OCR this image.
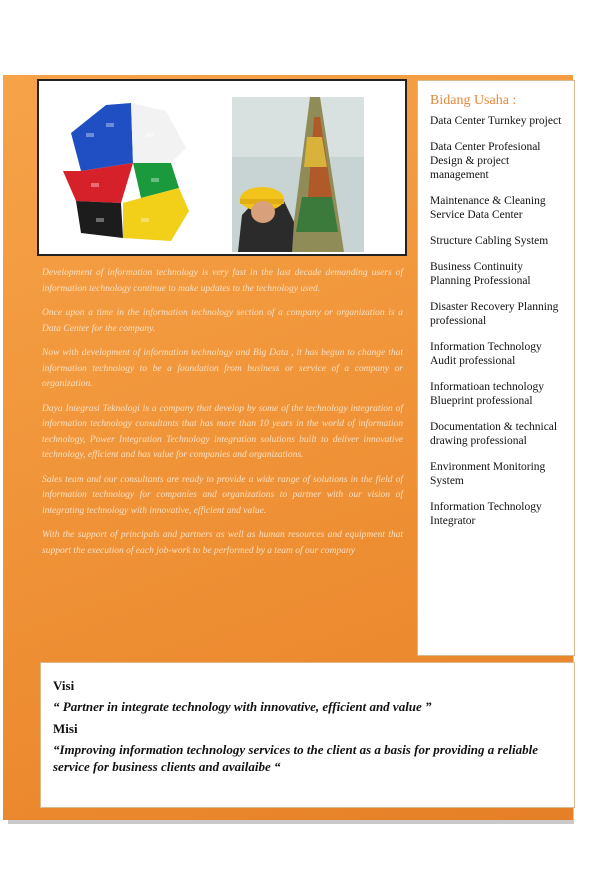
Development of information technology is very fast in the last decade demanding users of information technology continue to make updates to the technology used.

Once upon a time in the information technology section of a company or organization is a Data Center for the company.

Now with development of information technology and Big Data , it has begun to change that information technology to be a foundation from business or service of a company or organization.

Daya Integrasi Teknologi is a company that develop by some of the technology integration of information technology consultants that has more than 10 years in the world of information technology, Power Integration Technology integration solutions built to deliver innovative technology, efficient and has value for companies and organizations.

Sales team and our consultants are ready to provide a wide range of solutions in the field of information technology for companies and organizations to partner with our vision of integrating technology with innovative, efficient and value.

With the support of principals and partners as well as human resources and equipment that support the execution of each job-work to be performed by a team of our company

Bidang Usaha :
Data Center Turnkey project
Data Center Profesional Design & project management
Maintenance & Cleaning Service Data Center
Structure Cabling System
Business Continuity Planning Professional
Disaster Recovery Planning professional
Information Technology Audit professional
Informatioan technology Blueprint professional
Documentation & technical drawing professional
Environment Monitoring System
Information Technology Integrator
Visi
“ Partner in integrate technology with innovative, efficient and value ”
Misi
“Improving information technology services to the client as a basis for providing a reliable service for business clients and availaibe “
